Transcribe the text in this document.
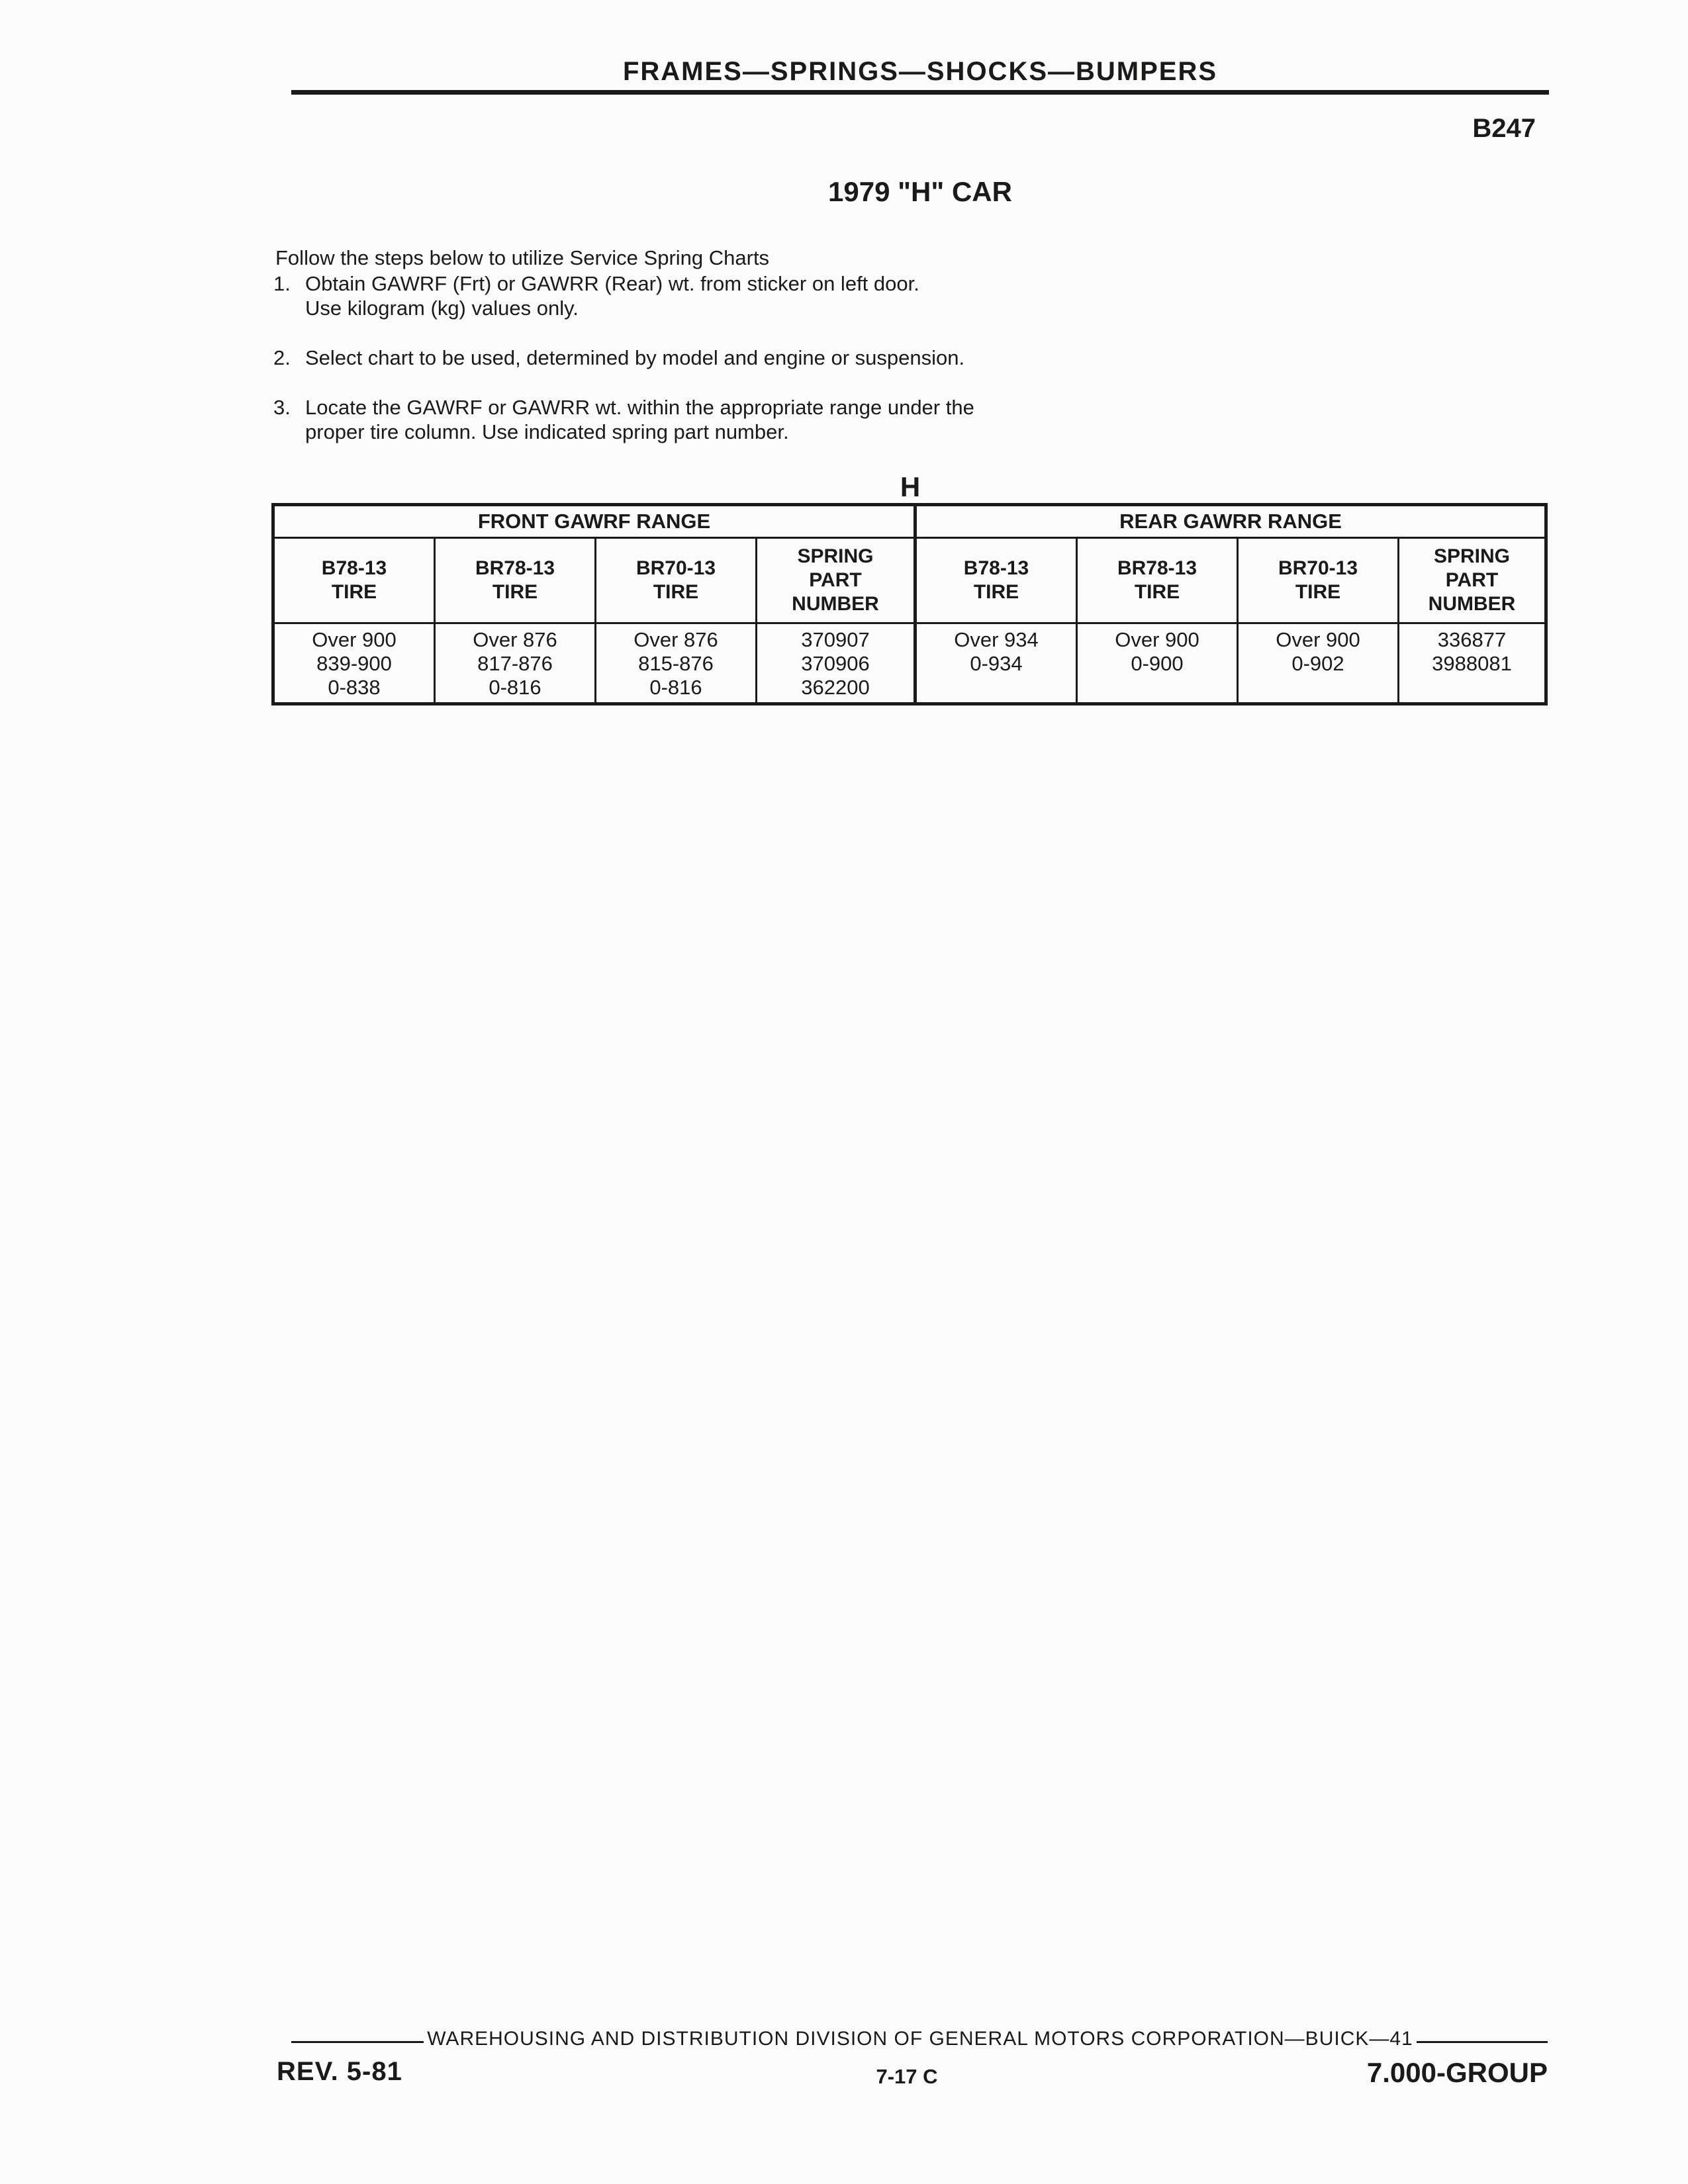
FRAMES—SPRINGS—SHOCKS—BUMPERS
B247
1979 "H" CAR
Follow the steps below to utilize Service Spring Charts
1. Obtain GAWRF (Frt) or GAWRR (Rear) wt. from sticker on left door.
Use kilogram (kg) values only.
2. Select chart to be used, determined by model and engine or suspension.
3. Locate the GAWRF or GAWRR wt. within the appropriate range under the
proper tire column. Use indicated spring part number.
H
FRONT GAWRF RANGE				REAR GAWRR RANGE			

B78-13
TIRE	BR78-13
TIRE	BR70-13
TIRE	SPRING
PART
NUMBER	B78-13
TIRE	BR78-13
TIRE	BR70-13
TIRE	SPRING
PART
NUMBER

Over 900
839-900
0-838	Over 876
817-876
0-816	Over 876
815-876
0-816	370907
370906
362200	Over 934
0-934	Over 900
0-900	Over 900
0-902	336877
3988081
WAREHOUSING AND DISTRIBUTION DIVISION OF GENERAL MOTORS CORPORATION—BUICK—41
REV. 5-81	7-17 C	7.000-GROUP
